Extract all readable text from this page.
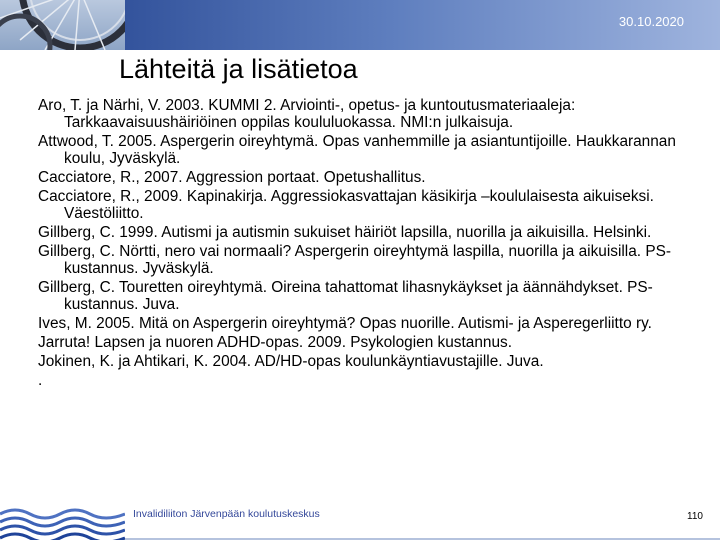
30.10.2020
Lähteitä ja lisätietoa
Aro, T. ja Närhi, V. 2003. KUMMI 2. Arviointi-, opetus- ja kuntoutusmateriaaleja: Tarkkaavaisuushäiriöinen oppilas koululuokassa. NMI:n julkaisuja.
Attwood, T. 2005. Aspergerin oireyhtymä. Opas vanhemmille ja asiantuntijoille. Haukkarannan koulu, Jyväskylä.
Cacciatore, R., 2007. Aggression portaat. Opetushallitus.
Cacciatore, R., 2009. Kapinakirja. Aggressiokasvattajan käsikirja –koululaisesta aikuiseksi. Väestöliitto.
Gillberg, C. 1999. Autismi ja autismin sukuiset häiriöt lapsilla, nuorilla ja aikuisilla. Helsinki.
Gillberg, C. Nörtti, nero vai normaali? Aspergerin oireyhtymä laspilla, nuorilla ja aikuisilla. PS-kustannus. Jyväskylä.
Gillberg, C. Touretten oireyhtymä. Oireina tahattomat lihasnykäykset ja äännähdykset. PS-kustannus. Juva.
Ives, M. 2005. Mitä on Aspergerin oireyhtymä? Opas nuorille. Autismi- ja Asperegerliitto ry.
Jarruta! Lapsen ja nuoren ADHD-opas. 2009. Psykologien kustannus.
Jokinen, K. ja Ahtikari, K. 2004. AD/HD-opas koulunkäyntiavustajille. Juva.
.
Invalidiliiton Järvenpään koulutuskeskus	110
